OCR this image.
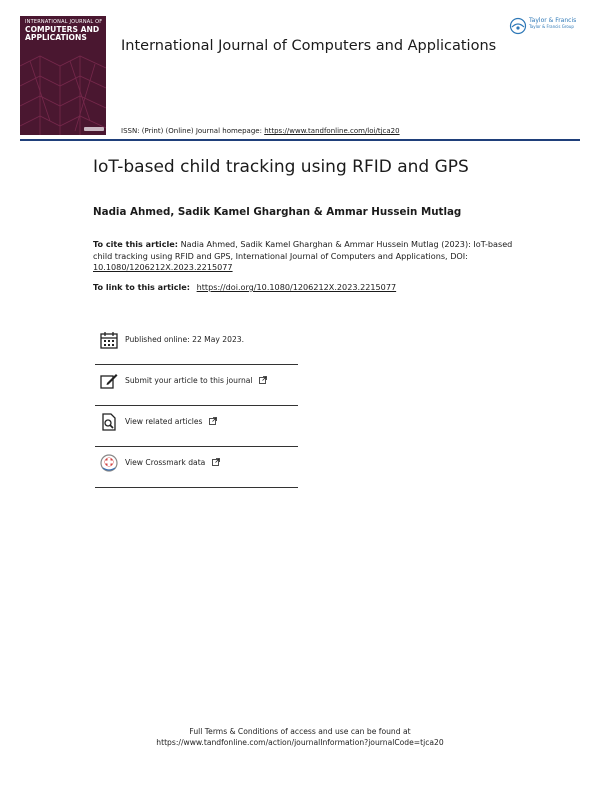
INTERNATIONAL JOURNAL OF
COMPUTERS AND
APPLICATIONS
International Journal of Computers and Applications
ISSN: (Print) (Online) Journal homepage: https://www.tandfonline.com/loi/tjca20
Taylor & Francis
Taylor & Francis Group
IoT-based child tracking using RFID and GPS
Nadia Ahmed, Sadik Kamel Gharghan & Ammar Hussein Mutlag
To cite this article: Nadia Ahmed, Sadik Kamel Gharghan & Ammar Hussein Mutlag (2023): IoT-based child tracking using RFID and GPS, International Journal of Computers and Applications, DOI: 10.1080/1206212X.2023.2215077
To link to this article: https://doi.org/10.1080/1206212X.2023.2215077
Published online: 22 May 2023.
Submit your article to this journal
View related articles
View Crossmark data
Full Terms & Conditions of access and use can be found at
https://www.tandfonline.com/action/journalInformation?journalCode=tjca20
